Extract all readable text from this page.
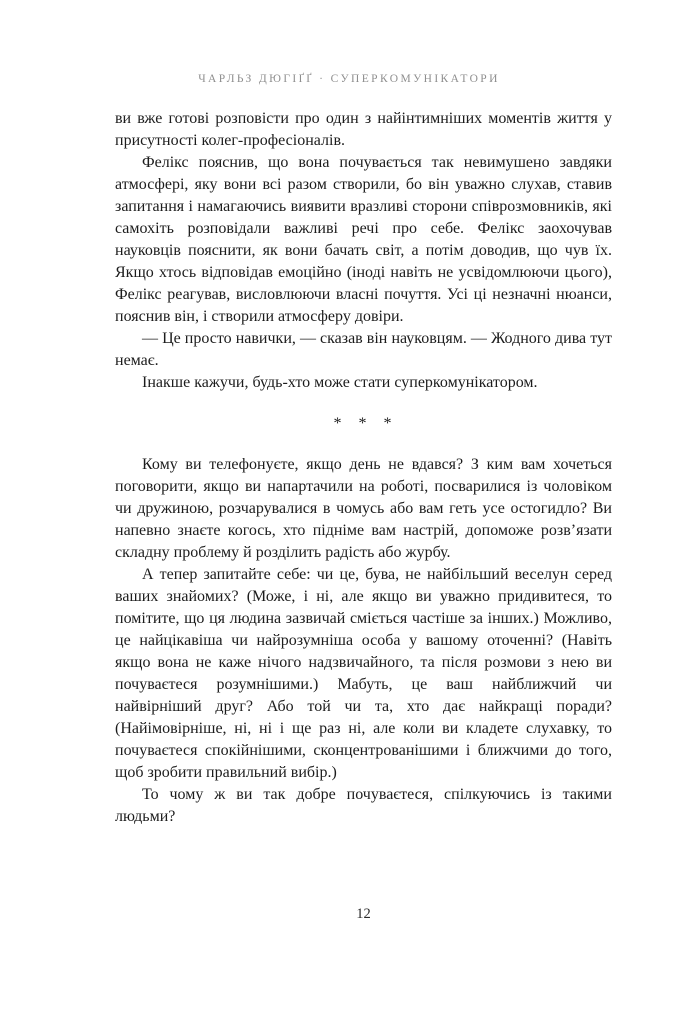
ЧАРЛЬЗ ДЮГІҐҐ · СУПЕРКОМУНІКАТОРИ

ви вже готові розповісти про один з найінтимніших моментів життя у присутності колег-професіоналів.

Фелікс пояснив, що вона почувається так невимушено завдяки атмосфері, яку вони всі разом створили, бо він уважно слухав, ставив запитання і намагаючись виявити вразливі сторони співрозмовників, які самохіть розповідали важливі речі про себе. Фелікс заохочував науковців пояснити, як вони бачать світ, а потім доводив, що чув їх. Якщо хтось відповідав емоційно (іноді навіть не усвідомлюючи цього), Фелікс реагував, висловлюючи власні почуття. Усі ці незначні нюанси, пояснив він, і створили атмосферу довіри.

— Це просто навички, — сказав він науковцям. — Жодного дива тут немає.

Інакше кажучи, будь-хто може стати суперкомунікатором.

* * *

Кому ви телефонуєте, якщо день не вдався? З ким вам хочеться поговорити, якщо ви напартачили на роботі, посварилися із чоловіком чи дружиною, розчарувалися в чомусь або вам геть усе остогидло? Ви напевно знаєте когось, хто підніме вам настрій, допоможе розв’язати складну проблему й розділить радість або журбу.

А тепер запитайте себе: чи це, бува, не найбільший веселун серед ваших знайомих? (Може, і ні, але якщо ви уважно придивитеся, то помітите, що ця людина зазвичай сміється частіше за інших.) Можливо, це найцікавіша чи найрозумніша особа у вашому оточенні? (Навіть якщо вона не каже нічого надзвичайного, та після розмови з нею ви почуваєтеся розумнішими.) Мабуть, це ваш найближчий чи найвірніший друг? Або той чи та, хто дає найкращі поради? (Найімовірніше, ні, ні і ще раз ні, але коли ви кладете слухавку, то почуваєтеся спокійнішими, сконцентрованішими і ближчими до того, щоб зробити правильний вибір.)

То чому ж ви так добре почуваєтеся, спілкуючись із такими людьми?

12
